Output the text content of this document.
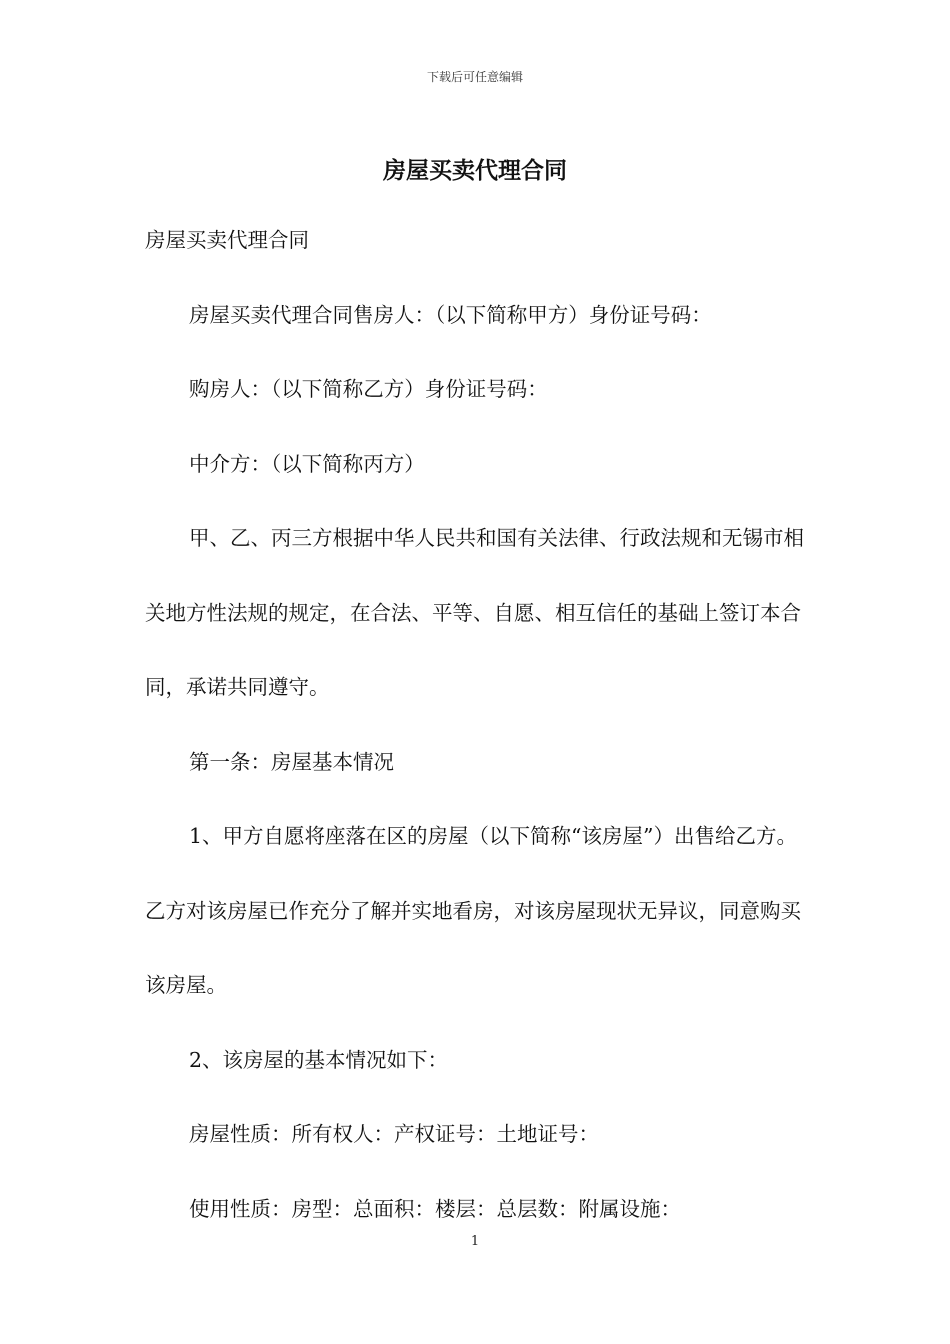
下载后可任意编辑
房屋买卖代理合同

房屋买卖代理合同

房屋买卖代理合同售房人：（以下简称甲方）身份证号码：

购房人：（以下简称乙方）身份证号码：

中介方：（以下简称丙方）

甲、乙、丙三方根据中华人民共和国有关法律、行政法规和无锡市相关地方性法规的规定，在合法、平等、自愿、相互信任的基础上签订本合同，承诺共同遵守。

第一条：房屋基本情况

1、甲方自愿将座落在区的房屋（以下简称“该房屋”）出售给乙方。乙方对该房屋已作充分了解并实地看房，对该房屋现状无异议，同意购买该房屋。

2、该房屋的基本情况如下：

房屋性质：所有权人：产权证号：土地证号：

使用性质：房型：总面积：楼层：总层数：附属设施：

1
